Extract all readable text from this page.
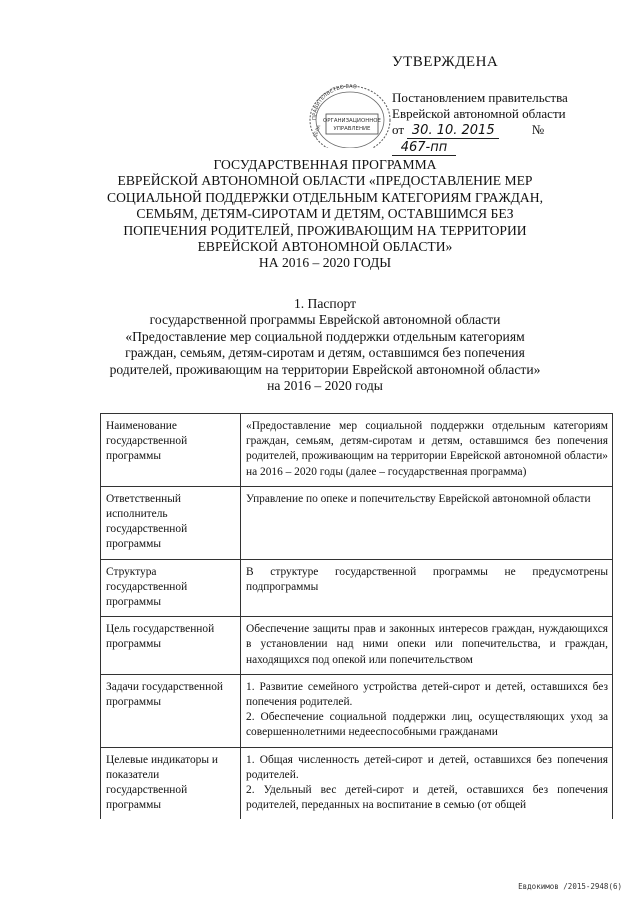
УТВЕРЖДЕНА
Постановлением правительства
Еврейской автономной области
от 30. 10. 2015	№ 467-пп
ПРАВИТЕЛЬСТВО ЕАО
ОРГАНИЗАЦИОННОЕ
УПРАВЛЕНИЕ
ДЕЛА
ГОСУДАРСТВЕННАЯ ПРОГРАММА
ЕВРЕЙСКОЙ АВТОНОМНОЙ ОБЛАСТИ «ПРЕДОСТАВЛЕНИЕ МЕР
СОЦИАЛЬНОЙ ПОДДЕРЖКИ ОТДЕЛЬНЫМ КАТЕГОРИЯМ ГРАЖДАН,
СЕМЬЯМ, ДЕТЯМ-СИРОТАМ И ДЕТЯМ, ОСТАВШИМСЯ БЕЗ
ПОПЕЧЕНИЯ РОДИТЕЛЕЙ, ПРОЖИВАЮЩИМ НА ТЕРРИТОРИИ
ЕВРЕЙСКОЙ АВТОНОМНОЙ ОБЛАСТИ»
НА 2016 – 2020 ГОДЫ
1. Паспорт
государственной программы Еврейской автономной области
«Предоставление мер социальной поддержки отдельным категориям
граждан, семьям, детям-сиротам и детям, оставшимся без попечения
родителей, проживающим на территории Еврейской автономной области»
на 2016 – 2020 годы
Наименование государственной программы	«Предоставление мер социальной поддержки отдельным категориям граждан, семьям, детям-сиротам и детям, оставшимся без попечения родителей, проживающим на территории Еврейской автономной области» на 2016 – 2020 годы (далее – государственная программа)
Ответственный исполнитель государственной программы	Управление по опеке и попечительству Еврейской автономной области
Структура государственной программы	В структуре государственной программы не предусмотрены подпрограммы
Цель государственной программы	Обеспечение защиты прав и законных интересов граждан, нуждающихся в установлении над ними опеки или попечительства, и граждан, находящихся под опекой или попечительством
Задачи государственной программы	1. Развитие семейного устройства детей-сирот и детей, оставшихся без попечения родителей.
2. Обеспечение социальной поддержки лиц, осуществляющих уход за совершеннолетними недееспособными гражданами

Целевые индикаторы и показатели государственной программы	1. Общая численность детей-сирот и детей, оставшихся без попечения родителей.
2. Удельный вес детей-сирот и детей, оставшихся без попечения родителей, переданных на воспитание в семью (от общей
Евдокимов /2015-2948(6)
